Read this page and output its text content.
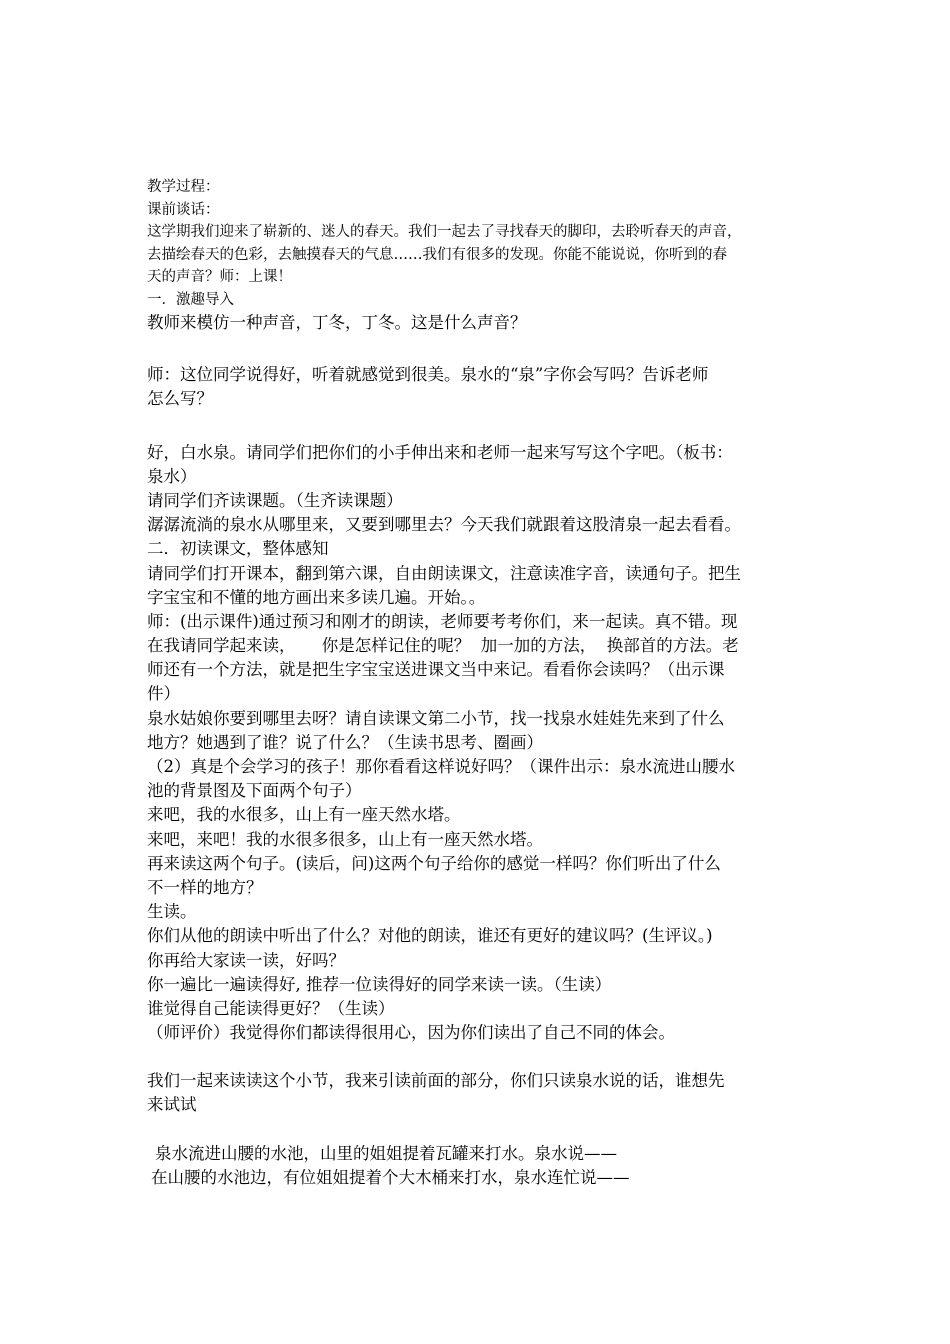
教学过程：
课前谈话：
这学期我们迎来了崭新的、迷人的春天。我们一起去了寻找春天的脚印，去聆听春天的声音，
去描绘春天的色彩，去触摸春天的气息……我们有很多的发现。你能不能说说，你听到的春
天的声音？师：上课！
一．激趣导入
教师来模仿一种声音，丁冬，丁冬。这是什么声音？
师：这位同学说得好，听着就感觉到很美。泉水的“泉”字你会写吗？告诉老师
怎么写？
好，白水泉。请同学们把你们的小手伸出来和老师一起来写写这个字吧。（板书：
泉水）
请同学们齐读课题。（生齐读课题）
潺潺流淌的泉水从哪里来，又要到哪里去？今天我们就跟着这股清泉一起去看看。
二．初读课文，整体感知
请同学们打开课本，翻到第六课，自由朗读课文，注意读准字音，读通句子。把生
字宝宝和不懂的地方画出来多读几遍。开始。。
师：(出示课件)通过预习和刚才的朗读，老师要考考你们，来一起读。真不错。现
在我请同学起来读，     你是怎样记住的呢？  加一加的方法，  换部首的方法。老
师还有一个方法，就是把生字宝宝送进课文当中来记。看看你会读吗？（出示课
件）
泉水姑娘你要到哪里去呀？请自读课文第二小节，找一找泉水娃娃先来到了什么
地方？她遇到了谁？说了什么？（生读书思考、圈画）
（2）真是个会学习的孩子！那你看看这样说好吗？（课件出示：泉水流进山腰水
池的背景图及下面两个句子）
来吧，我的水很多，山上有一座天然水塔。
来吧，来吧！我的水很多很多，山上有一座天然水塔。
再来读这两个句子。(读后，问)这两个句子给你的感觉一样吗？你们听出了什么
不一样的地方？
生读。
你们从他的朗读中听出了什么？对他的朗读，谁还有更好的建议吗？(生评议。)
你再给大家读一读，好吗？
你一遍比一遍读得好, 推荐一位读得好的同学来读一读。（生读）
谁觉得自己能读得更好？（生读）
（师评价）我觉得你们都读得很用心，因为你们读出了自己不同的体会。
我们一起来读读这个小节，我来引读前面的部分，你们只读泉水说的话，谁想先
来试试
泉水流进山腰的水池，山里的姐姐提着瓦罐来打水。泉水说——
在山腰的水池边，有位姐姐提着个大木桶来打水，泉水连忙说——
